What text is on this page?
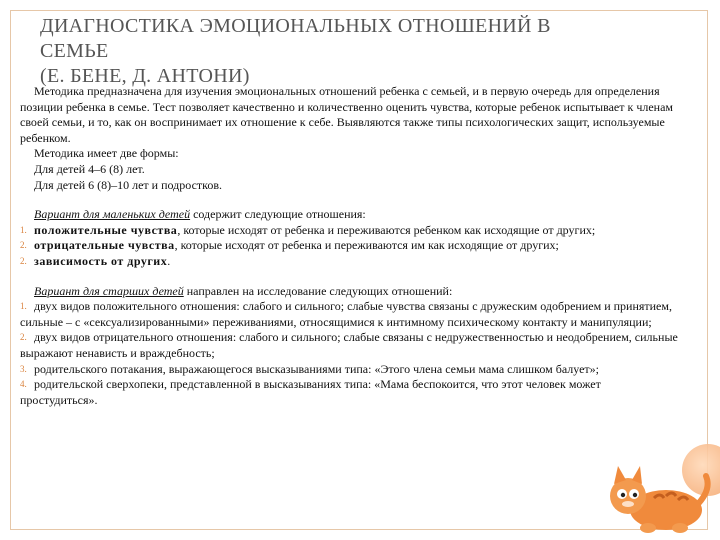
ДИАГНОСТИКА ЭМОЦИОНАЛЬНЫХ ОТНОШЕНИЙ В
СЕМЬЕ
(Е. БЕНЕ, Д. АНТОНИ)

Методика предназначена для изучения эмоциональных отношений ребенка с семьей, и в первую очередь для определения позиции ребенка в семье. Тест позволяет качественно и количественно оценить чувства, которые ребенок испытывает к членам своей семьи, и то, как он воспринимает их отношение к себе. Выявляются также типы психологических защит, используемые ребенком.

Методика имеет две формы:

Для детей 4–6 (8) лет.

Для детей 6 (8)–10 лет и подростков.

Вариант для маленьких детей содержит следующие отношения:

1. положительные чувства, которые исходят от ребенка и переживаются ребенком как исходящие от других;

2. отрицательные чувства, которые исходят от ребенка и переживаются им как исходящие от других;

2. зависимость от других.

Вариант для старших детей направлен на исследование следующих отношений:

1. двух видов положительного отношения: слабого и сильного; слабые чувства связаны с дружеским одобрением и принятием, сильные – с «сексуализированными» переживаниями, относящимися к интимному психическому контакту и манипуляции;

2. двух видов отрицательного отношения: слабого и сильного; слабые связаны с недружественностью и неодобрением, сильные выражают ненависть и враждебность;

3. родительского потакания, выражающегося высказываниями типа: «Этого члена семьи мама слишком балует»;

4. родительской сверхопеки, представленной в высказываниях типа: «Мама беспокоится, что этот человек может простудиться».
